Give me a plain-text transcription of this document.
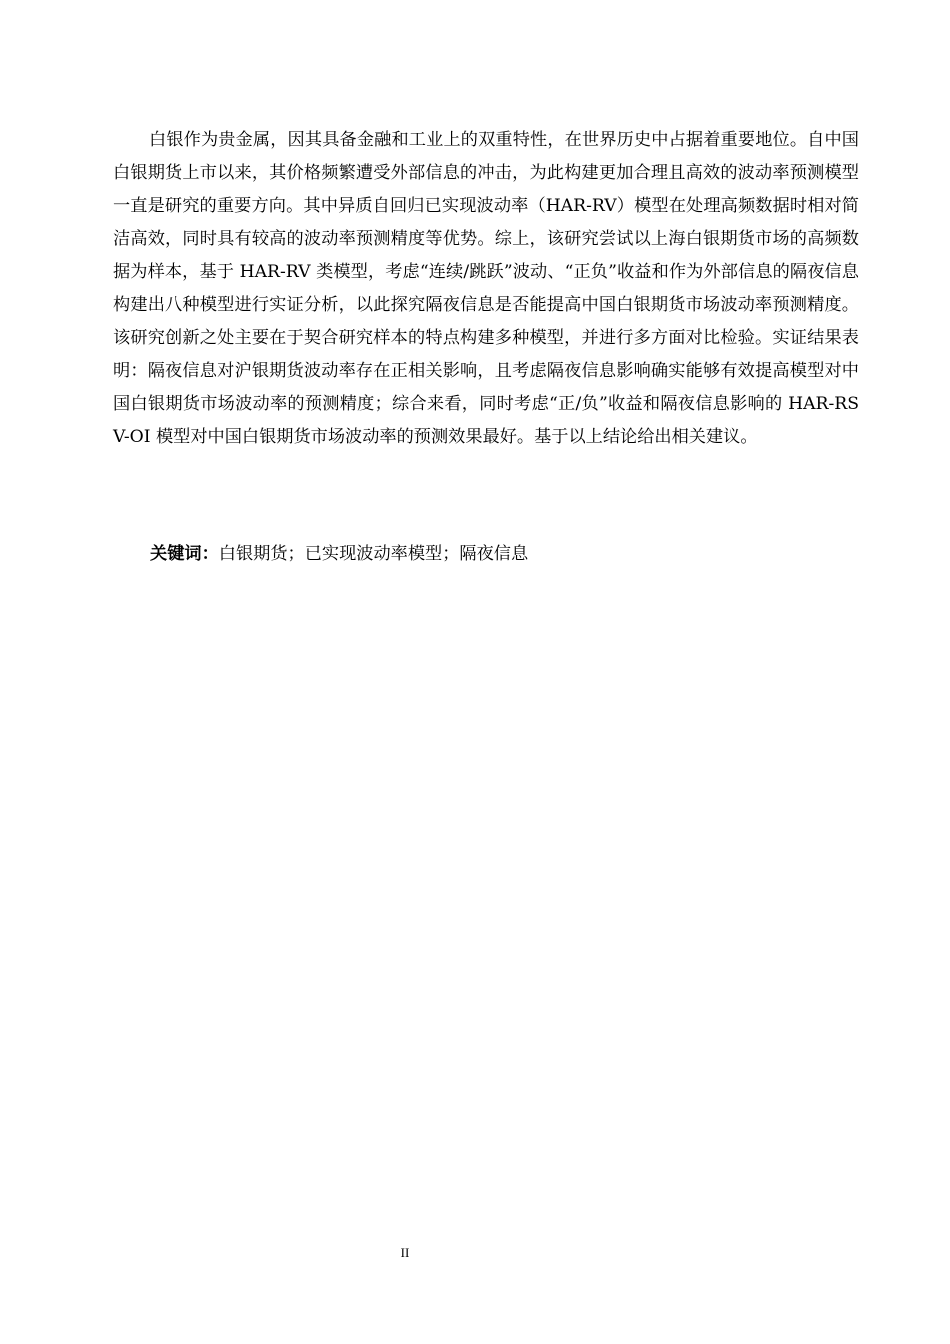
白银作为贵金属，因其具备金融和工业上的双重特性，在世界历史中占据着重要地位。自中国白银期货上市以来，其价格频繁遭受外部信息的冲击，为此构建更加合理且高效的波动率预测模型一直是研究的重要方向。其中异质自回归已实现波动率（HAR-RV）模型在处理高频数据时相对简洁高效，同时具有较高的波动率预测精度等优势。综上，该研究尝试以上海白银期货市场的高频数据为样本，基于 HAR-RV 类模型，考虑“连续/跳跃”波动、“正负”收益和作为外部信息的隔夜信息构建出八种模型进行实证分析，以此探究隔夜信息是否能提高中国白银期货市场波动率预测精度。该研究创新之处主要在于契合研究样本的特点构建多种模型，并进行多方面对比检验。实证结果表明：隔夜信息对沪银期货波动率存在正相关影响，且考虑隔夜信息影响确实能够有效提高模型对中国白银期货市场波动率的预测精度；综合来看，同时考虑“正/负”收益和隔夜信息影响的 HAR-RSV-OI 模型对中国白银期货市场波动率的预测效果最好。基于以上结论给出相关建议。

关键词：白银期货；已实现波动率模型；隔夜信息

II
